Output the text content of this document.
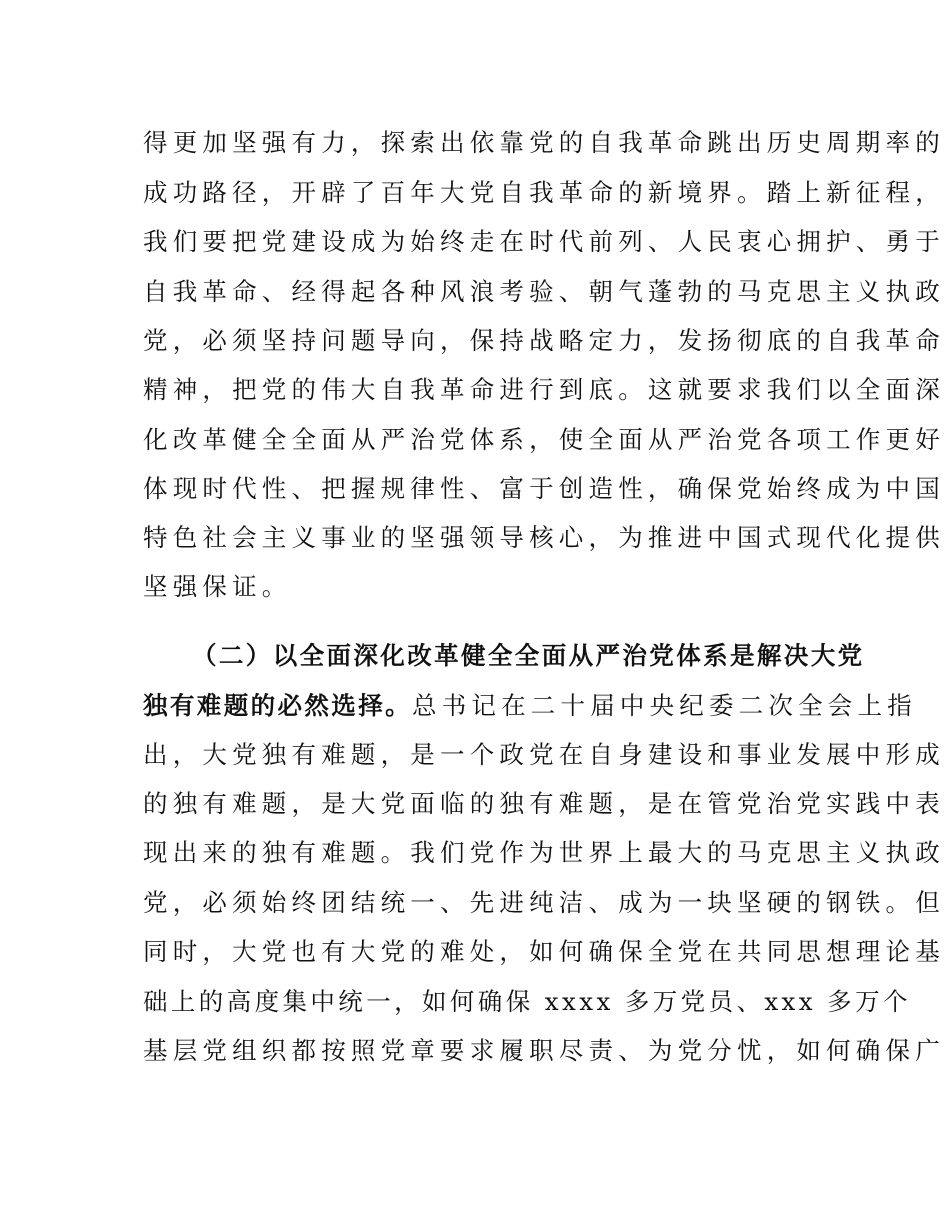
得更加坚强有力，探索出依靠党的自我革命跳出历史周期率的
成功路径，开辟了百年大党自我革命的新境界。踏上新征程，
我们要把党建设成为始终走在时代前列、人民衷心拥护、勇于
自我革命、经得起各种风浪考验、朝气蓬勃的马克思主义执政
党，必须坚持问题导向，保持战略定力，发扬彻底的自我革命
精神，把党的伟大自我革命进行到底。这就要求我们以全面深
化改革健全全面从严治党体系，使全面从严治党各项工作更好
体现时代性、把握规律性、富于创造性，确保党始终成为中国
特色社会主义事业的坚强领导核心，为推进中国式现代化提供
坚强保证。
（二）以全面深化改革健全全面从严治党体系是解决大党
独有难题的必然选择。总书记在二十届中央纪委二次全会上指
出，大党独有难题，是一个政党在自身建设和事业发展中形成
的独有难题，是大党面临的独有难题，是在管党治党实践中表
现出来的独有难题。我们党作为世界上最大的马克思主义执政
党，必须始终团结统一、先进纯洁、成为一块坚硬的钢铁。但
同时，大党也有大党的难处，如何确保全党在共同思想理论基
础上的高度集中统一，如何确保 xxxx 多万党员、xxx 多万个
基层党组织都按照党章要求履职尽责、为党分忧，如何确保广
